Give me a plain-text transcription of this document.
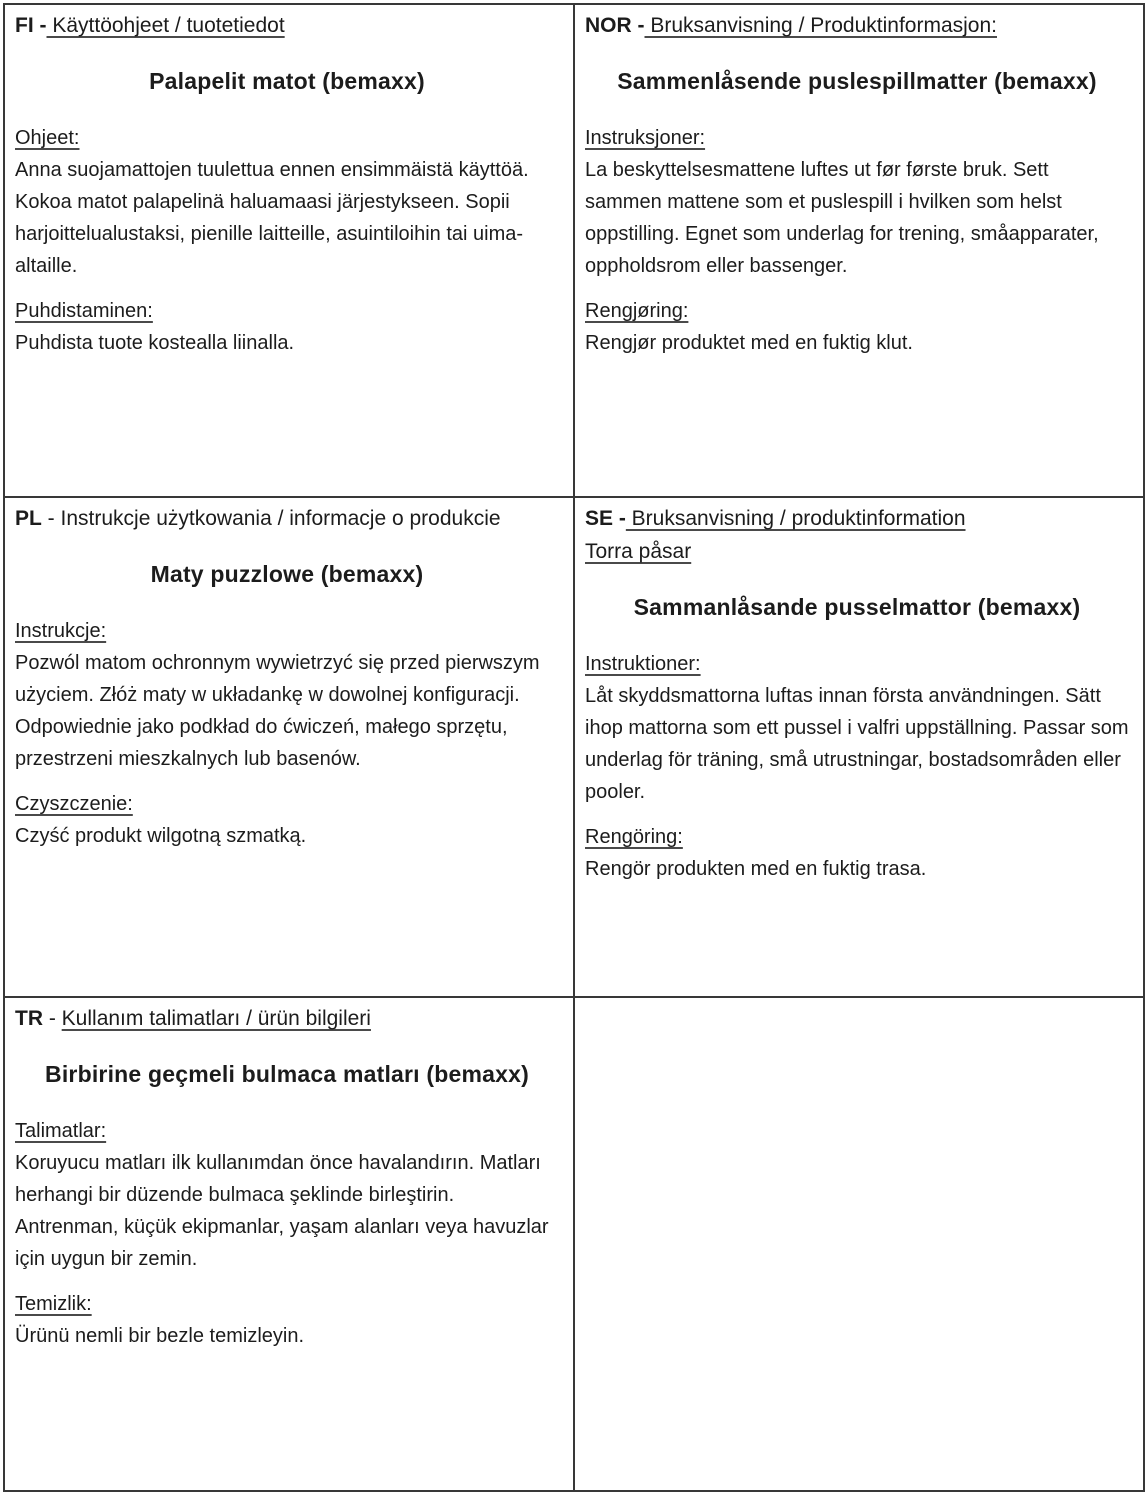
FI - Käyttöohjeet / tuotetiedot
Palapelit matot (bemaxx)
Ohjeet:

Anna suojamattojen tuulettua ennen ensimmäistä käyttöä. Kokoa matot palapelinä haluamaasi järjestykseen. Sopii harjoittelualustaksi, pienille laitteille, asuintiloihin tai uima-altaille.

Puhdistaminen:

Puhdista tuote kostealla liinalla.

NOR - Bruksanvisning / Produktinformasjon:
Sammenlåsende puslespillmatter (bemaxx)
Instruksjoner:

La beskyttelsesmattene luftes ut før første bruk. Sett sammen mattene som et puslespill i hvilken som helst oppstilling. Egnet som underlag for trening, småapparater, oppholdsrom eller bassenger.

Rengjøring:

Rengjør produktet med en fuktig klut.

PL - Instrukcje użytkowania / informacje o produkcie
Maty puzzlowe (bemaxx)
Instrukcje:

Pozwól matom ochronnym wywietrzyć się przed pierwszym użyciem. Złóż maty w układankę w dowolnej konfiguracji. Odpowiednie jako podkład do ćwiczeń, małego sprzętu, przestrzeni mieszkalnych lub basenów.

Czyszczenie:

Czyść produkt wilgotną szmatką.

SE - Bruksanvisning / produktinformation
Torra påsar
Sammanlåsande pusselmattor (bemaxx)
Instruktioner:

Låt skyddsmattorna luftas innan första användningen. Sätt ihop mattorna som ett pussel i valfri uppställning. Passar som underlag för träning, små utrustningar, bostadsområden eller pooler.

Rengöring:

Rengör produkten med en fuktig trasa.

TR - Kullanım talimatları / ürün bilgileri
Birbirine geçmeli bulmaca matları (bemaxx)
Talimatlar:

Koruyucu matları ilk kullanımdan önce havalandırın. Matları herhangi bir düzende bulmaca şeklinde birleştirin. Antrenman, küçük ekipmanlar, yaşam alanları veya havuzlar için uygun bir zemin.

Temizlik:

Ürünü nemli bir bezle temizleyin.
